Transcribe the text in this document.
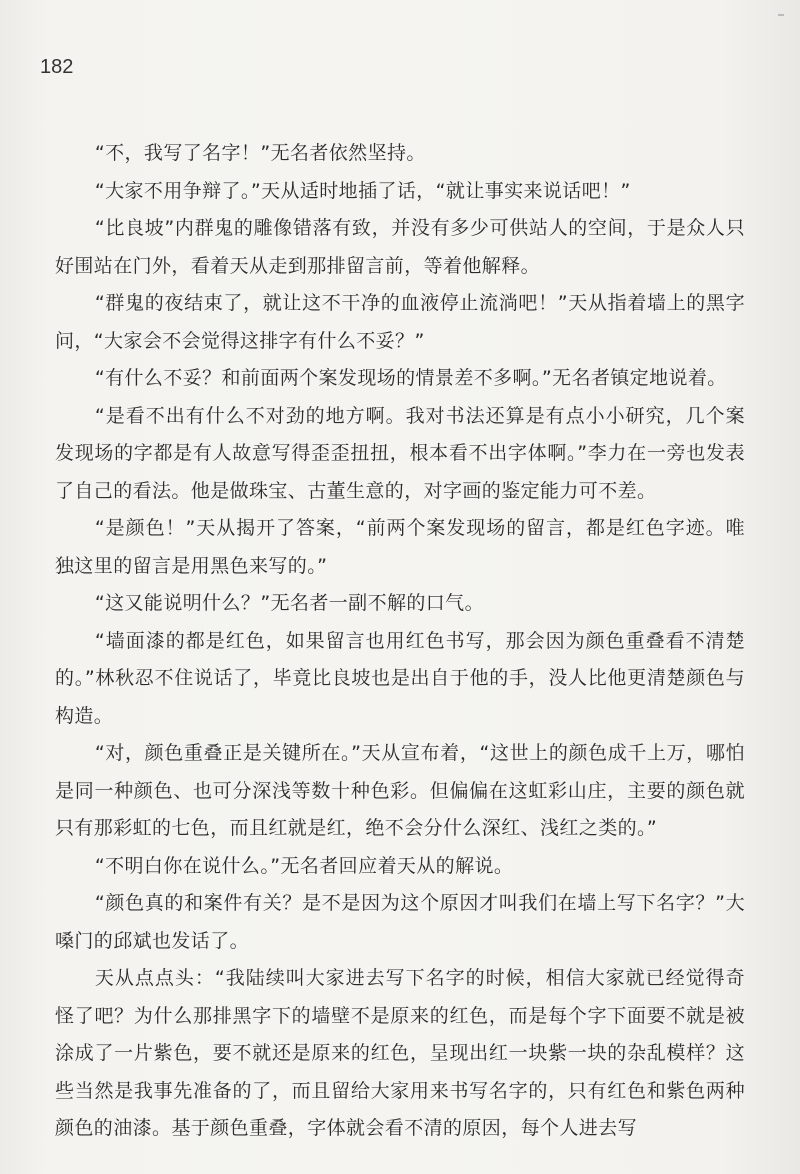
182

“不，我写了名字！”无名者依然坚持。

“大家不用争辩了。”天从适时地插了话，“就让事实来说话吧！”

“比良坡”内群鬼的雕像错落有致，并没有多少可供站人的空间，于是众人只好围站在门外，看着天从走到那排留言前，等着他解释。

“群鬼的夜结束了，就让这不干净的血液停止流淌吧！”天从指着墙上的黑字问，“大家会不会觉得这排字有什么不妥？”

“有什么不妥？和前面两个案发现场的情景差不多啊。”无名者镇定地说着。

“是看不出有什么不对劲的地方啊。我对书法还算是有点小小研究，几个案发现场的字都是有人故意写得歪歪扭扭，根本看不出字体啊。”李力在一旁也发表了自己的看法。他是做珠宝、古董生意的，对字画的鉴定能力可不差。

“是颜色！”天从揭开了答案，“前两个案发现场的留言，都是红色字迹。唯独这里的留言是用黑色来写的。”

“这又能说明什么？”无名者一副不解的口气。

“墙面漆的都是红色，如果留言也用红色书写，那会因为颜色重叠看不清楚的。”林秋忍不住说话了，毕竟比良坡也是出自于他的手，没人比他更清楚颜色与构造。

“对，颜色重叠正是关键所在。”天从宣布着，“这世上的颜色成千上万，哪怕是同一种颜色、也可分深浅等数十种色彩。但偏偏在这虹彩山庄，主要的颜色就只有那彩虹的七色，而且红就是红，绝不会分什么深红、浅红之类的。”

“不明白你在说什么。”无名者回应着天从的解说。

“颜色真的和案件有关？是不是因为这个原因才叫我们在墙上写下名字？”大嗓门的邱斌也发话了。

天从点点头：“我陆续叫大家进去写下名字的时候，相信大家就已经觉得奇怪了吧？为什么那排黑字下的墙壁不是原来的红色，而是每个字下面要不就是被涂成了一片紫色，要不就还是原来的红色，呈现出红一块紫一块的杂乱模样？这些当然是我事先准备的了，而且留给大家用来书写名字的，只有红色和紫色两种颜色的油漆。基于颜色重叠，字体就会看不清的原因，每个人进去写
